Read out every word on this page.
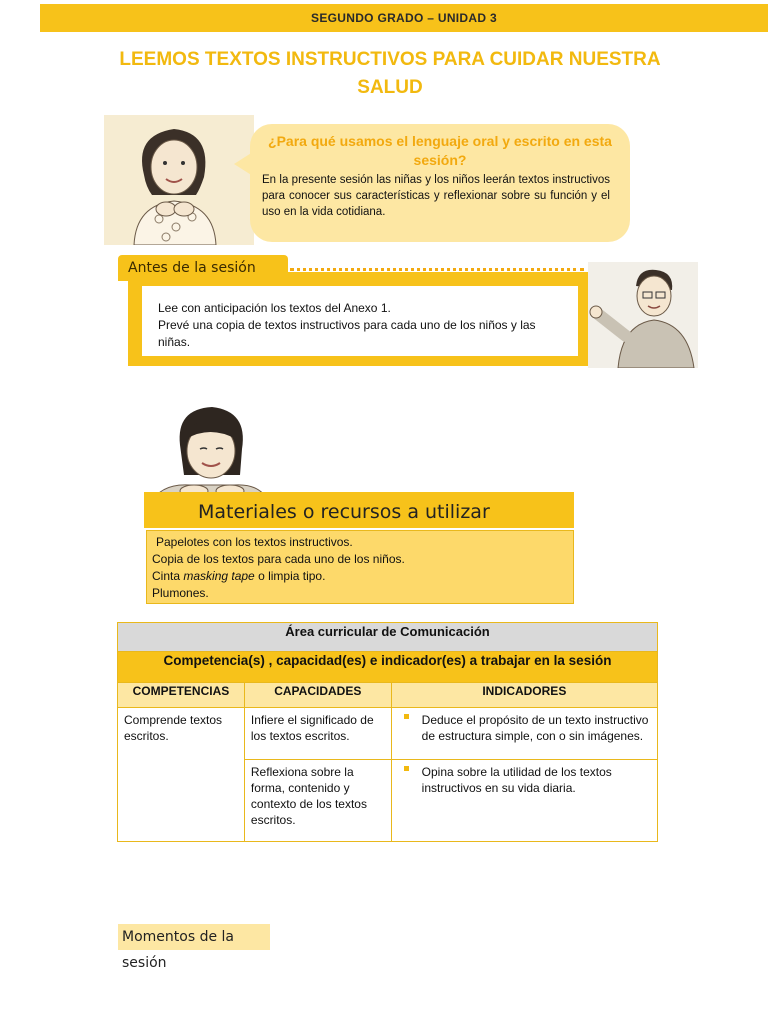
SEGUNDO GRADO – UNIDAD 3
LEEMOS TEXTOS INSTRUCTIVOS PARA CUIDAR NUESTRA SALUD
¿Para qué usamos el lenguaje oral y escrito en esta sesión?
En la presente sesión las niñas y los niños leerán textos instructivos para conocer sus características y reflexionar sobre su función y el uso en la vida cotidiana.
Antes de la sesión
Lee con anticipación los textos del Anexo 1.
Prevé una copia de textos instructivos para cada uno de los niños y las niñas.
Materiales o recursos a utilizar
Papelotes con los textos instructivos.
Copia de los textos para cada uno de los niños.
Cinta masking tape o limpia tipo.
Plumones.
Área curricular de Comunicación		
Competencia(s) , capacidad(es) e indicador(es) a trabajar en la sesión		
COMPETENCIAS	CAPACIDADES	INDICADORES
Comprende textos escritos.	Infiere el significado de los textos escritos.	Deduce el propósito de un texto instructivo de estructura simple, con o sin imágenes.
	Reflexiona sobre la forma, contenido y contexto de los textos escritos.	Opina sobre la utilidad de los textos instructivos en su vida diaria.
Momentos de la sesión
